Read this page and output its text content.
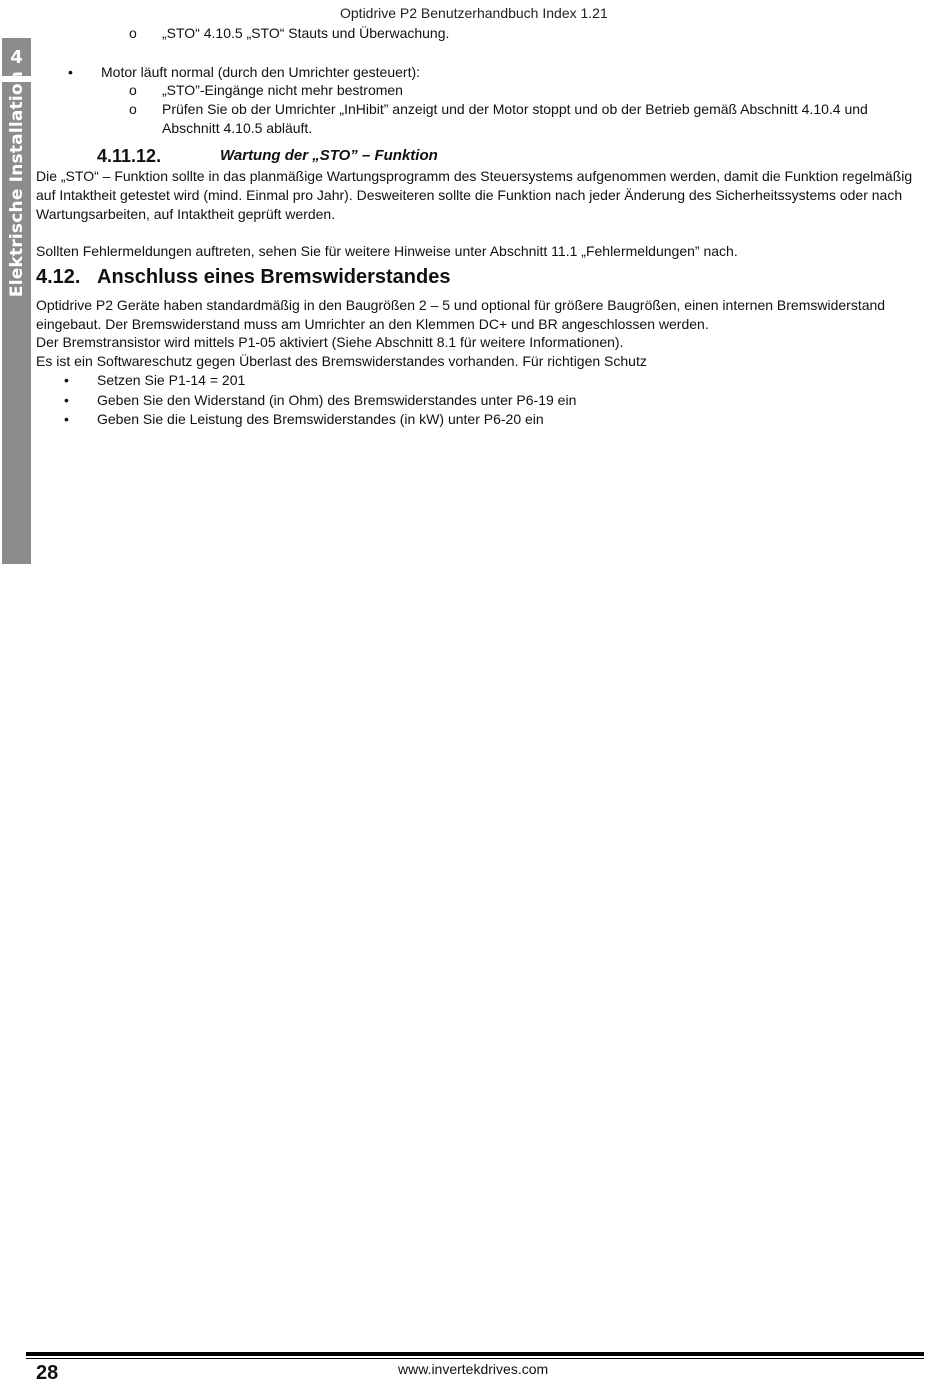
Optidrive P2 Benutzerhandbuch Index 1.21
4
Elektrische Installation
o „STO“ 4.10.5 „STO“ Stauts und Überwachung.
• Motor läuft normal (durch den Umrichter gesteuert):
o „STO”-Eingänge nicht mehr bestromen
o Prüfen Sie ob der Umrichter „InHibit” anzeigt und der Motor stoppt und ob der Betrieb gemäß Abschnitt 4.10.4 und
Abschnitt 4.10.5 abläuft.
4.11.12.	Wartung der „STO” – Funktion
Die „STO“ – Funktion sollte in das planmäßige Wartungsprogramm des Steuersystems aufgenommen werden, damit die Funktion regelmäßig
auf Intaktheit getestet wird (mind. Einmal pro Jahr). Desweiteren sollte die Funktion nach jeder Änderung des Sicherheitssystems oder nach
Wartungsarbeiten, auf Intaktheit geprüft werden.
Sollten Fehlermeldungen auftreten, sehen Sie für weitere Hinweise unter Abschnitt 11.1 „Fehlermeldungen” nach.
4.12. Anschluss eines Bremswiderstandes
Optidrive P2 Geräte haben standardmäßig in den Baugrößen 2 – 5 und optional für größere Baugrößen, einen internen Bremswiderstand
eingebaut. Der Bremswiderstand muss am Umrichter an den Klemmen DC+ und BR angeschlossen werden.
Der Bremstransistor wird mittels P1-05 aktiviert (Siehe Abschnitt 8.1 für weitere Informationen).
Es ist ein Softwareschutz gegen Überlast des Bremswiderstandes vorhanden. Für richtigen Schutz
• Setzen Sie P1-14 = 201
• Geben Sie den Widerstand (in Ohm) des Bremswiderstandes unter P6-19 ein
• Geben Sie die Leistung des Bremswiderstandes (in kW) unter P6-20 ein
28	www.invertekdrives.com
